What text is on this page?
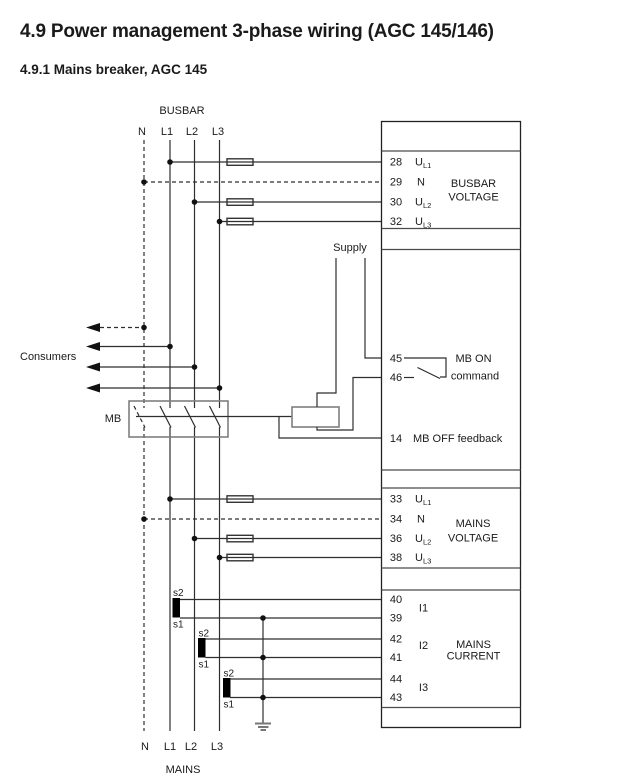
4.9 Power management 3-phase wiring (AGC 145/146)
4.9.1 Mains breaker, AGC 145
BUSBAR
N L1 L2 L3
Consumers
Supply
MB
s2
s1
s2
s1
s2
s1
N L1 L2 L3
MAINS
28 $U_{L1}$
29 N
30 $U_{L2}$
32 $U_{L3}$
BUSBAR
VOLTAGE
45
46
MB ON
command
14 MB OFF feedback
33 $U_{L1}$
34 N
36 $U_{L2}$
38 $U_{L3}$
MAINS
VOLTAGE
40
39
42
41
44
43
I1
I2
I3
MAINS
CURRENT
